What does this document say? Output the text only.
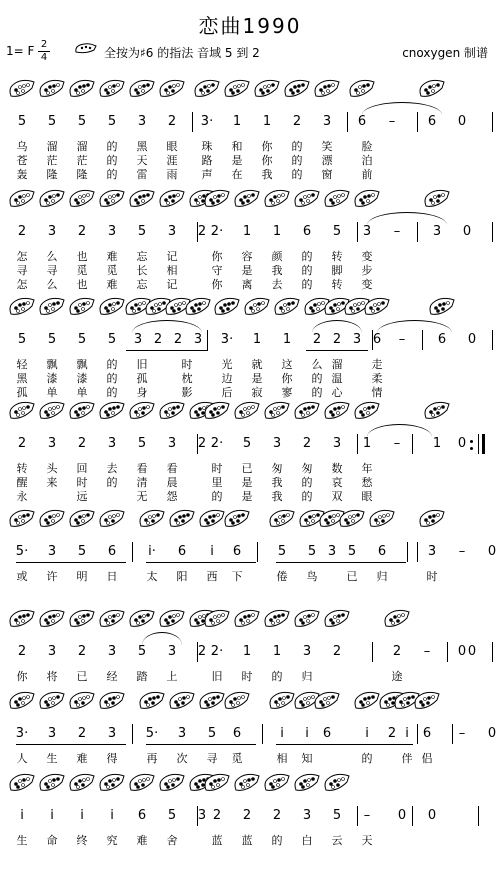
恋曲1990
1= F 2
4	全按为♯6 的指法 音域 5 到 2	cnoxygen 制谱
5	5	5	5	3	2	3·	1	1	2	3	6	–	6	0
乌	溜	溜	的	黑	眼	珠	和	你	的	笑	脸
苍	茫	茫	的	天	涯	路	是	你	的	漂	泊
轰	隆	隆	的	雷	雨	声	在	我	的	窗	前
2	3	2	3	5	3	2 2·	1	1	6	5	3	–	3	0
怎	么	也	难	忘	记	你	容	颜	的	转	变
寻	寻	觅	觅	长	相	守	是	我	的	脚	步
怎	么	也	难	忘	记	你	离	去	的	转	变
5	5	5	5	3 2 2 3	3·	1	1	2 2 3 6	–	6	0
轻	飘	飘	的	旧	时	光	就	这	么 溜	走
黑	漆	漆	的	孤	枕	边	是	你	的 温	柔
孤	单	单	的	身	影	后	寂	寥	的 心	情
2	3	2	3	5	3	2 2·	5	3	2	3	1	–	1	0
转	头	回	去	看	看	时	已	匆	匆	数	年
醒	来	时	的	清	晨	里	是	我	的	哀	愁
永	远	无	怨	的	是	我	的	双	眼
5·	3	5	6	i·	6	i	6	5	5 3 5	6	3	–	0
或	许	明	日	太	阳	西	下	倦	鸟	已	归	时
2	3	2	3	5	3	2 2·	1	1	3	2	2	–	0 0
你	将	已	经	踏	上	旧	时	的	归	途
3·	3	2	3	5·	3	5	6	i	i	6	i	2 i	6	–	0
人	生	难	得	再	次	寻	觅	相	知	的	伴 侣
i	i	i	i	6	5	3 2	2	2	3	5	–	0	0
生	命	终	究	难	舍	蓝	蓝	的	白	云	天
